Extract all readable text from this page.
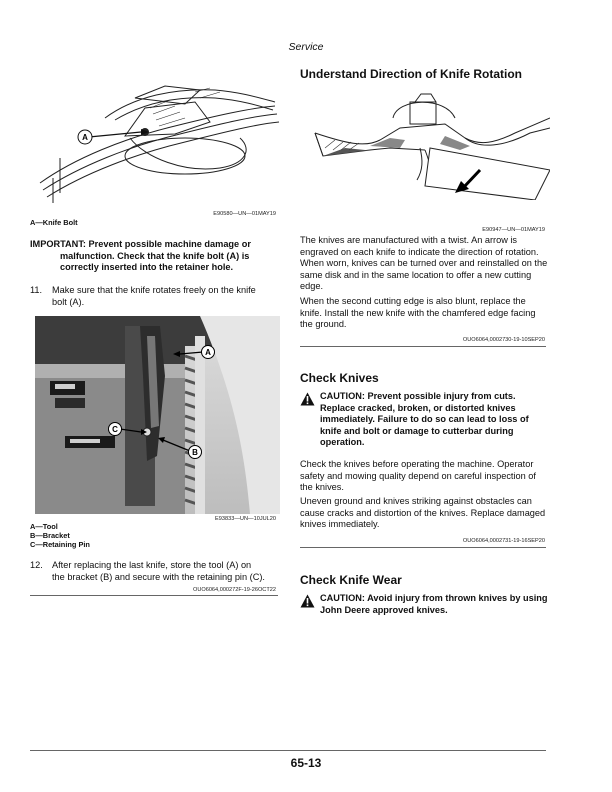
Service
A
E90580—UN—01MAY19
A—Knife Bolt
IMPORTANT: Prevent possible machine damage or
malfunction. Check that the knife bolt (A) is
correctly inserted into the retainer hole.
11.	Make sure that the knife rotates freely on the knife
bolt (A).
A
C
B
E93833—UN—10JUL20
A—Tool
B—Bracket
C—Retaining Pin
12.	After replacing the last knife, store the tool (A) on
the bracket (B) and secure with the retaining pin (C).
OUO6064,000272F-19-26OCT22
Understand Direction of Knife Rotation
E90947—UN—01MAY19
The knives are manufactured with a twist. An arrow is engraved on each knife to indicate the direction of rotation. When worn, knives can be turned over and reinstalled on the same disk and in the same location to offer a new cutting edge.
When the second cutting edge is also blunt, replace the knife. Install the new knife with the chamfered edge facing the ground.
OUO6064,0002730-19-10SEP20
Check Knives
CAUTION: Prevent possible injury from cuts. Replace cracked, broken, or distorted knives immediately. Failure to do so can lead to loss of knife and bolt or damage to cutterbar during operation.
Check the knives before operating the machine. Operator safety and mowing quality depend on careful inspection of the knives.
Uneven ground and knives striking against obstacles can cause cracks and distortion of the knives. Replace damaged knives immediately.
OUO6064,0002731-19-16SEP20
Check Knife Wear
CAUTION: Avoid injury from thrown knives by using John Deere approved knives.
65-13
